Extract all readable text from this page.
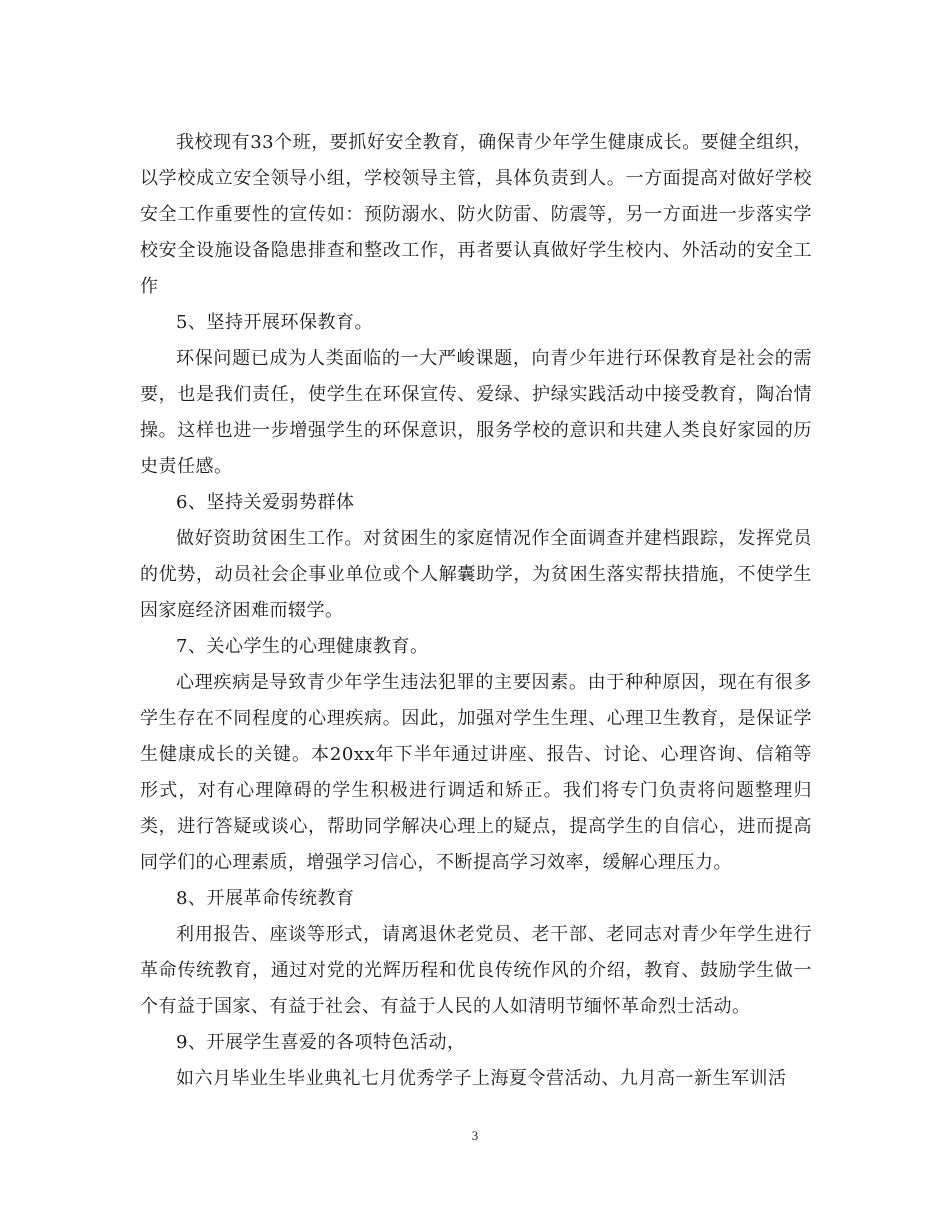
我校现有33个班，要抓好安全教育，确保青少年学生健康成长。要健全组织，以学校成立安全领导小组，学校领导主管，具体负责到人。一方面提高对做好学校安全工作重要性的宣传如：预防溺水、防火防雷、防震等，另一方面进一步落实学校安全设施设备隐患排查和整改工作，再者要认真做好学生校内、外活动的安全工作

5、坚持开展环保教育。

环保问题已成为人类面临的一大严峻课题，向青少年进行环保教育是社会的需要，也是我们责任，使学生在环保宣传、爱绿、护绿实践活动中接受教育，陶冶情操。这样也进一步增强学生的环保意识，服务学校的意识和共建人类良好家园的历史责任感。

6、坚持关爱弱势群体

做好资助贫困生工作。对贫困生的家庭情况作全面调查并建档跟踪，发挥党员的优势，动员社会企事业单位或个人解囊助学，为贫困生落实帮扶措施，不使学生因家庭经济困难而辍学。

7、关心学生的心理健康教育。

心理疾病是导致青少年学生违法犯罪的主要因素。由于种种原因，现在有很多学生存在不同程度的心理疾病。因此，加强对学生生理、心理卫生教育，是保证学生健康成长的关键。本20xx年下半年通过讲座、报告、讨论、心理咨询、信箱等形式，对有心理障碍的学生积极进行调适和矫正。我们将专门负责将问题整理归类，进行答疑或谈心，帮助同学解决心理上的疑点，提高学生的自信心，进而提高同学们的心理素质，增强学习信心，不断提高学习效率，缓解心理压力。

8、开展革命传统教育

利用报告、座谈等形式，请离退休老党员、老干部、老同志对青少年学生进行革命传统教育，通过对党的光辉历程和优良传统作风的介绍，教育、鼓励学生做一个有益于国家、有益于社会、有益于人民的人如清明节缅怀革命烈士活动。

9、开展学生喜爱的各项特色活动，

如六月毕业生毕业典礼七月优秀学子上海夏令营活动、九月高一新生军训活

3
